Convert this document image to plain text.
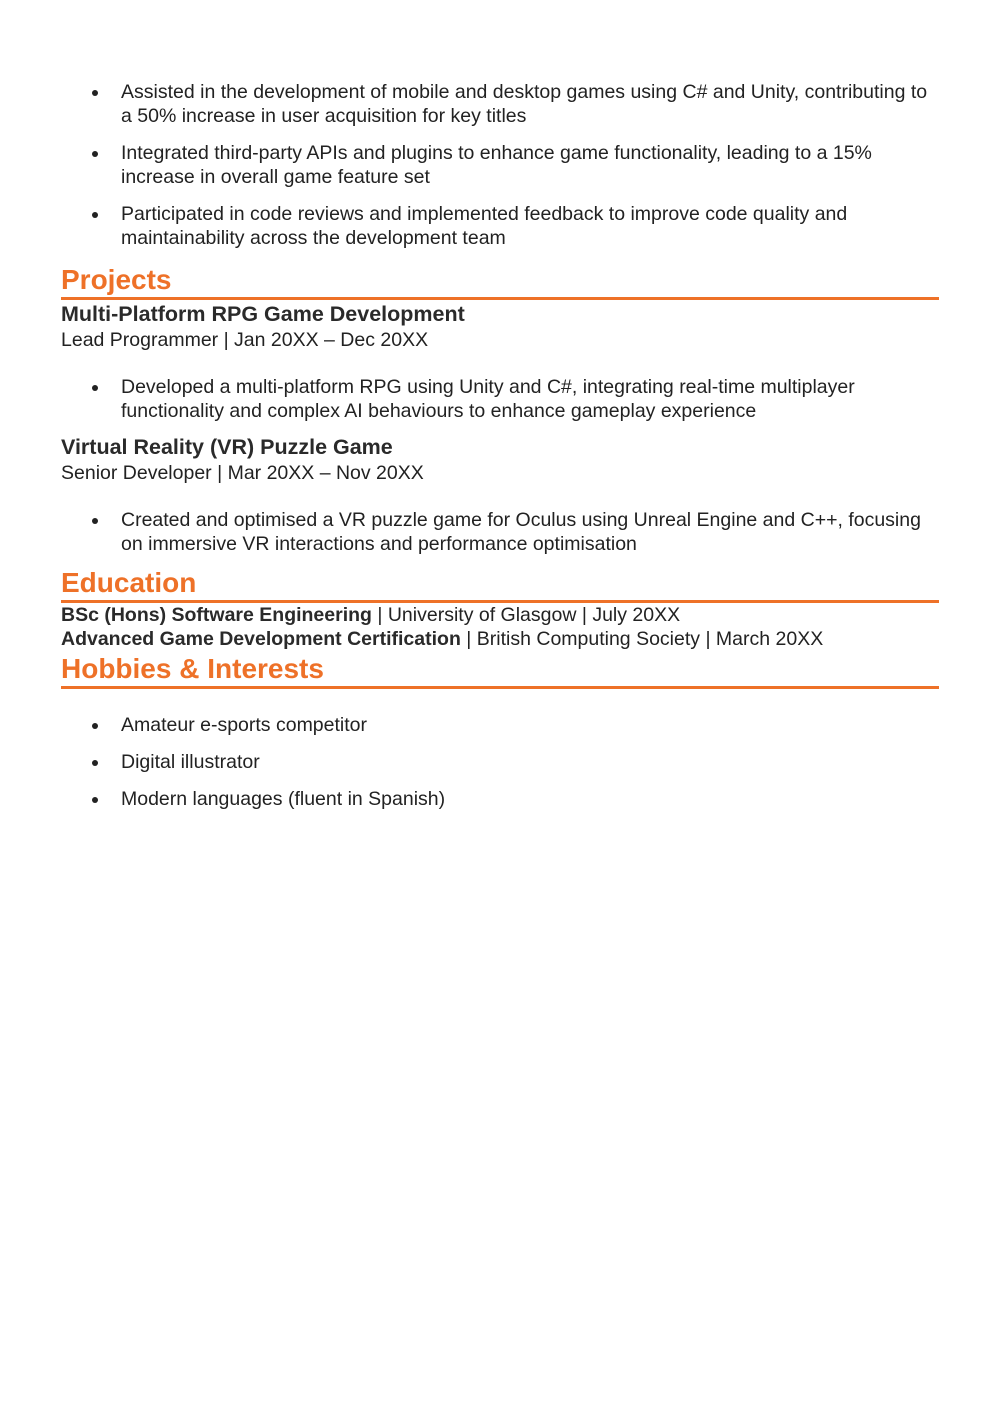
Assisted in the development of mobile and desktop games using C# and Unity, contributing to a 50% increase in user acquisition for key titles
Integrated third-party APIs and plugins to enhance game functionality, leading to a 15% increase in overall game feature set
Participated in code reviews and implemented feedback to improve code quality and maintainability across the development team
Projects
Multi-Platform RPG Game Development
Lead Programmer | Jan 20XX – Dec 20XX
Developed a multi-platform RPG using Unity and C#, integrating real-time multiplayer functionality and complex AI behaviours to enhance gameplay experience
Virtual Reality (VR) Puzzle Game
Senior Developer | Mar 20XX – Nov 20XX
Created and optimised a VR puzzle game for Oculus using Unreal Engine and C++, focusing on immersive VR interactions and performance optimisation
Education
BSc (Hons) Software Engineering | University of Glasgow | July 20XX
Advanced Game Development Certification | British Computing Society | March 20XX
Hobbies & Interests
Amateur e-sports competitor
Digital illustrator
Modern languages (fluent in Spanish)
